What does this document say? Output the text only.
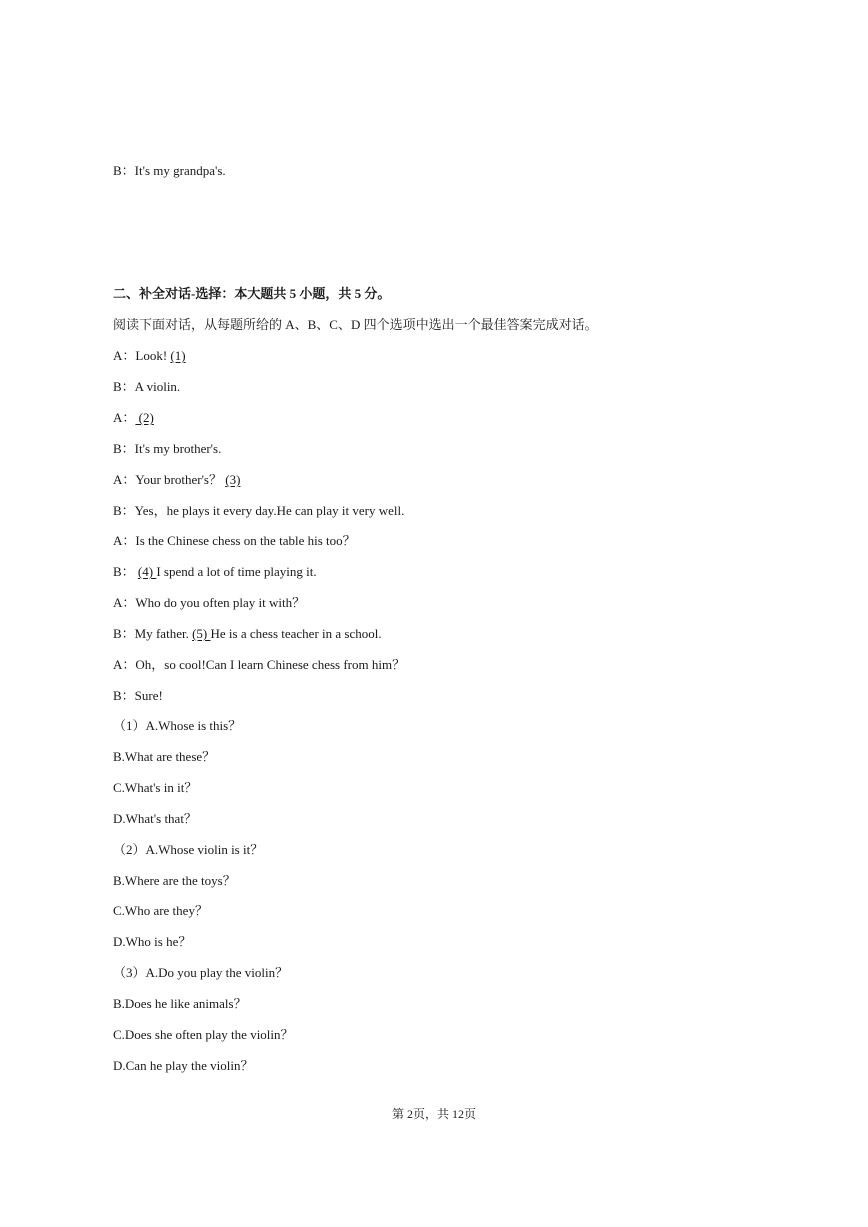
B：It's my grandpa's.
二、补全对话-选择：本大题共 5 小题，共 5 分。
阅读下面对话，从每题所给的 A、B、C、D 四个选项中选出一个最佳答案完成对话。
A：Look! (1)
B：A violin.
A： (2)
B：It's my brother's.
A：Your brother's？ (3)
B：Yes，he plays it every day.He can play it very well.
A：Is the Chinese chess on the table his too？
B： (4) I spend a lot of time playing it.
A：Who do you often play it with？
B：My father. (5) He is a chess teacher in a school.
A：Oh，so cool!Can I learn Chinese chess from him？
B：Sure!
（1）A.Whose is this？
B.What are these？
C.What's in it？
D.What's that？
（2）A.Whose violin is it？
B.Where are the toys？
C.Who are they？
D.Who is he？
（3）A.Do you play the violin？
B.Does he like animals？
C.Does she often play the violin？
D.Can he play the violin？
第 2页，共 12页
